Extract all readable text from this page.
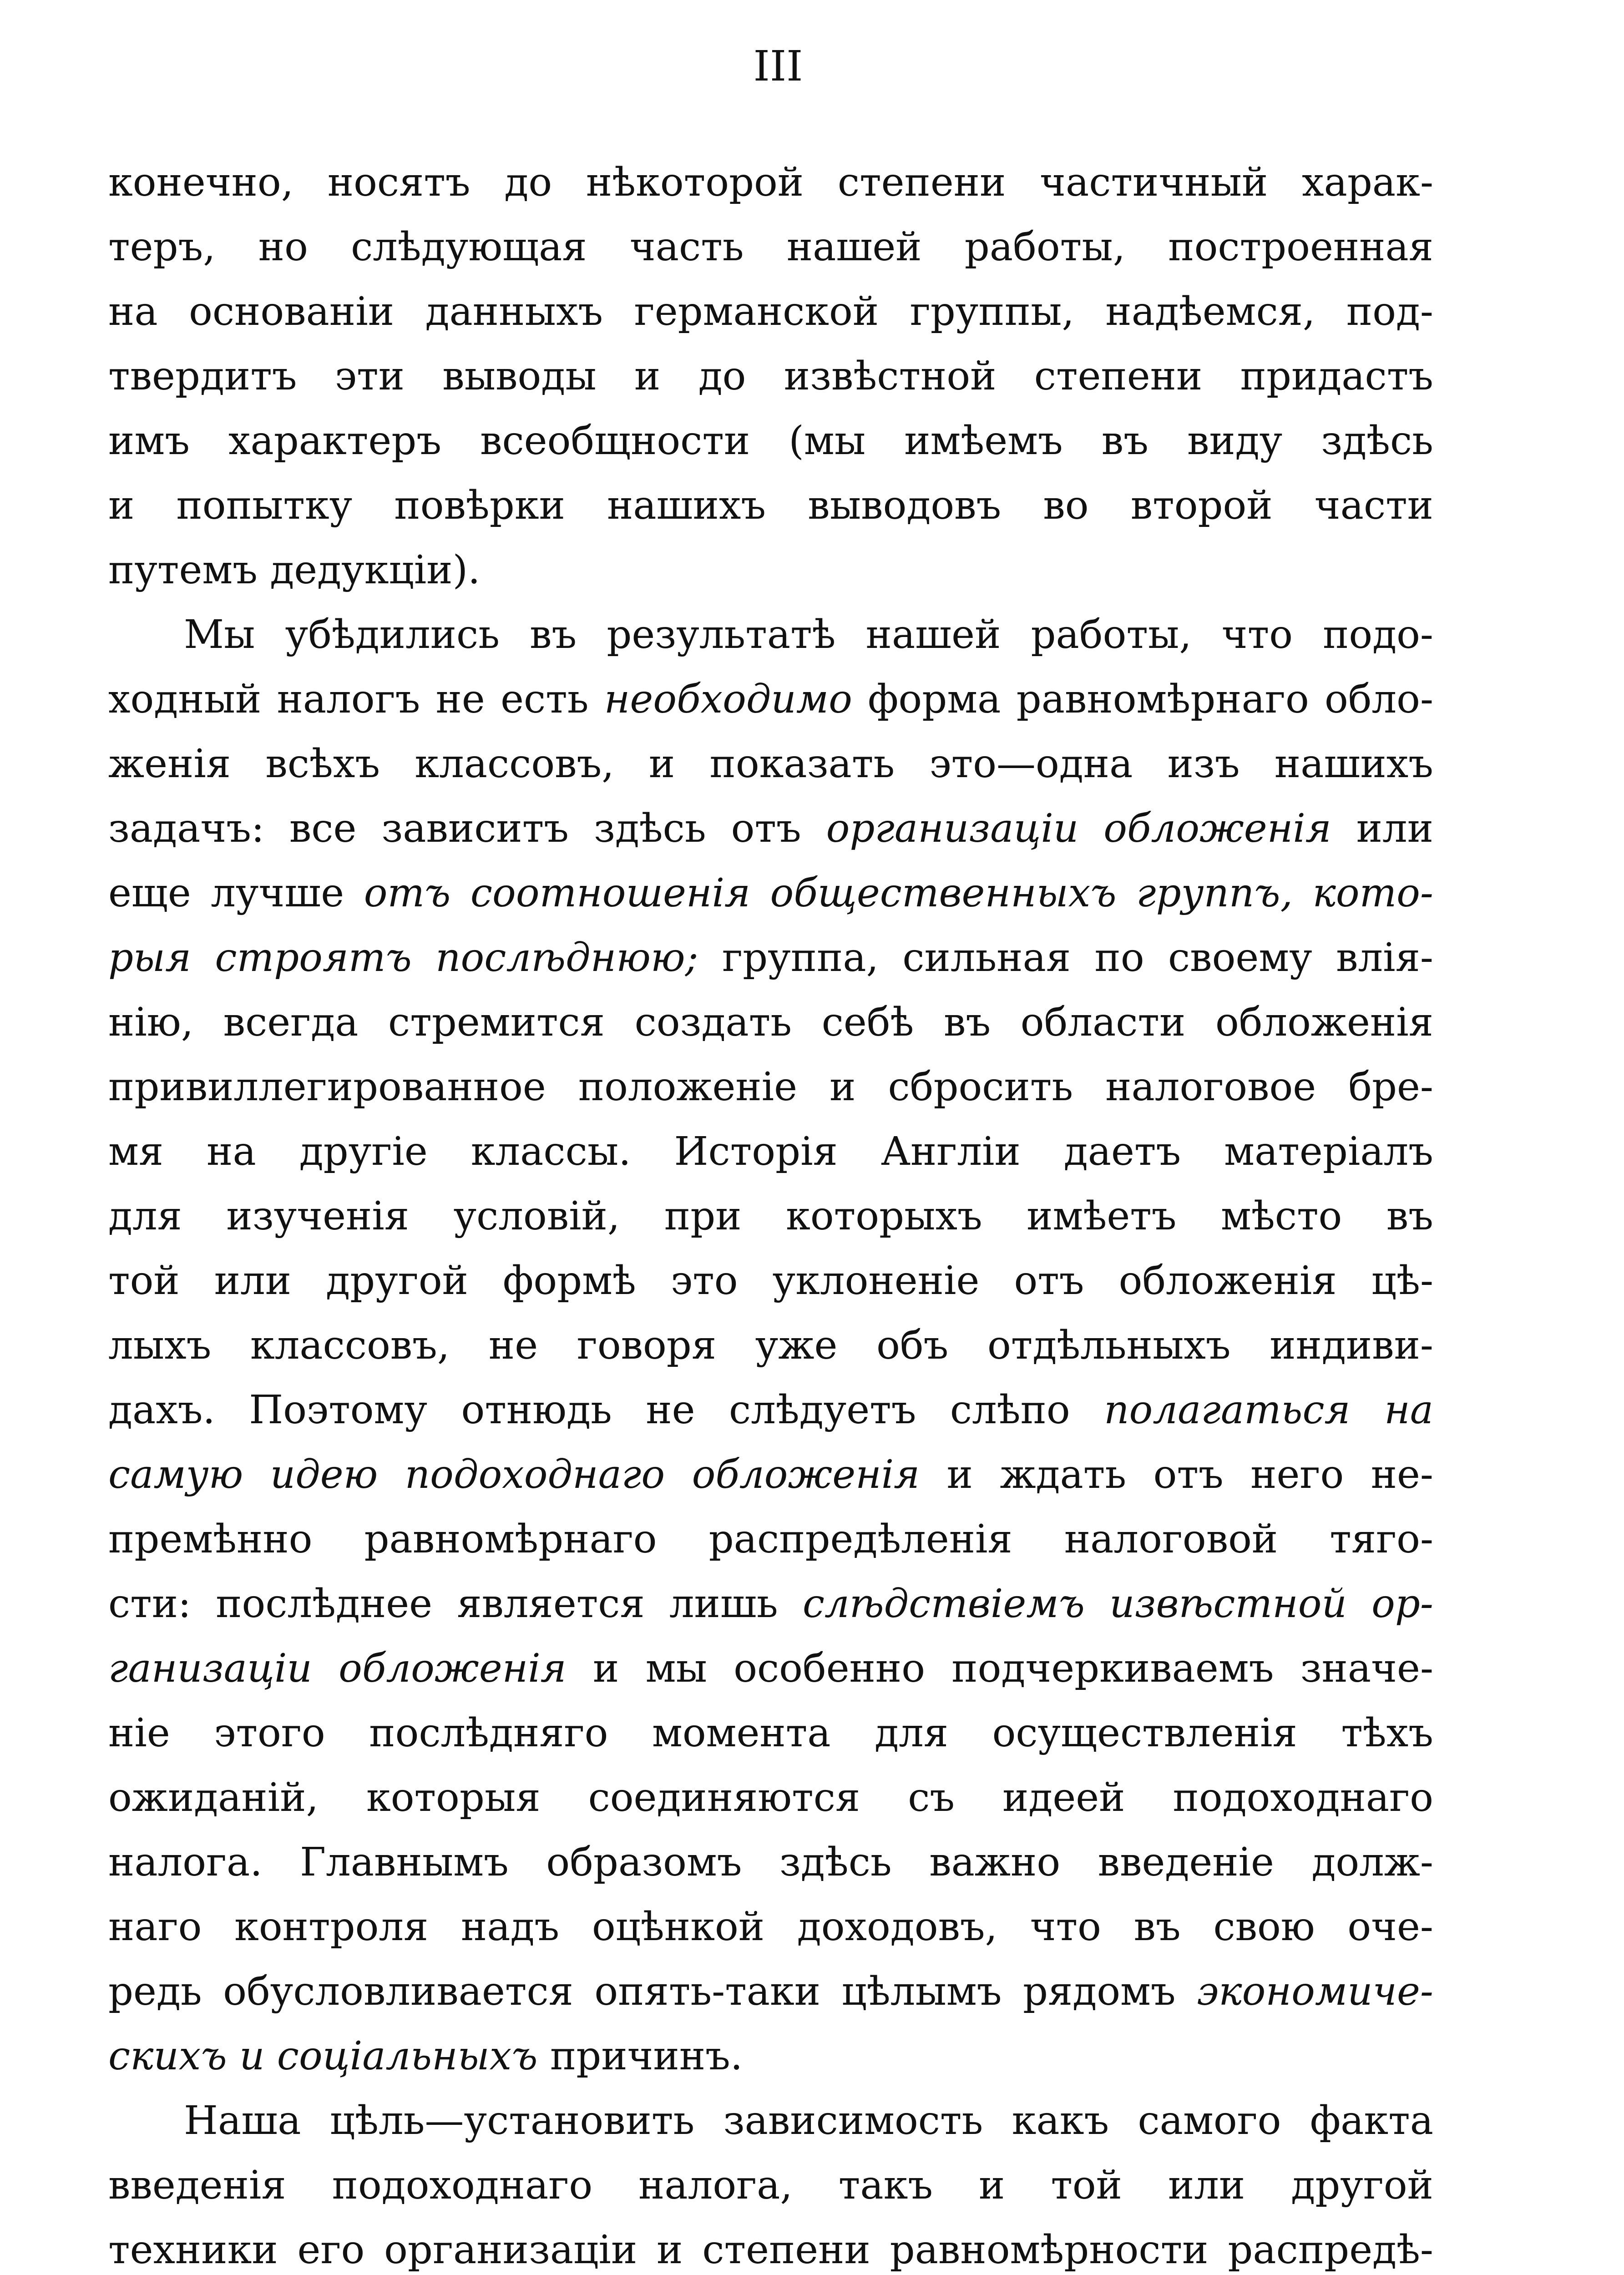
III
конечно, носятъ до нѣкоторой степени частичный харак-
теръ, но слѣдующая часть нашей работы, построенная
на основаніи данныхъ германской группы, надѣемся, под-
твердитъ эти выводы и до извѣстной степени придастъ
имъ характеръ всеобщности (мы имѣемъ въ виду здѣсь
и попытку повѣрки нашихъ выводовъ во второй части
путемъ дедукціи).
Мы убѣдились въ результатѣ нашей работы, что подо-
ходный налогъ не есть необходимо форма равномѣрнаго обло-
женія всѣхъ классовъ, и показать это—одна изъ нашихъ
задачъ: все зависитъ здѣсь отъ организаціи обложенія или
еще лучше отъ соотношенія общественныхъ группъ, кото-
рыя строятъ послѣднюю; группа, сильная по своему влія-
нію, всегда стремится создать себѣ въ области обложенія
привиллегированное положеніе и сбросить налоговое бре-
мя на другіе классы. Исторія Англіи даетъ матеріалъ
для изученія условій, при которыхъ имѣетъ мѣсто въ
той или другой формѣ это уклоненіе отъ обложенія цѣ-
лыхъ классовъ, не говоря уже объ отдѣльныхъ индиви-
дахъ. Поэтому отнюдь не слѣдуетъ слѣпо полагаться на
самую идею подоходнаго обложенія и ждать отъ него не-
премѣнно равномѣрнаго распредѣленія налоговой тяго-
сти: послѣднее является лишь слѣдствіемъ извѣстной ор-
ганизаціи обложенія и мы особенно подчеркиваемъ значе-
ніе этого послѣдняго момента для осуществленія тѣхъ
ожиданій, которыя соединяются съ идеей подоходнаго
налога. Главнымъ образомъ здѣсь важно введеніе долж-
наго контроля надъ оцѣнкой доходовъ, что въ свою оче-
редь обусловливается опять-таки цѣлымъ рядомъ экономиче-
скихъ и соціальныхъ причинъ.
Наша цѣль—установить зависимость какъ самого факта
введенія подоходнаго налога, такъ и той или другой
техники его организаціи и степени равномѣрности распредѣ-
